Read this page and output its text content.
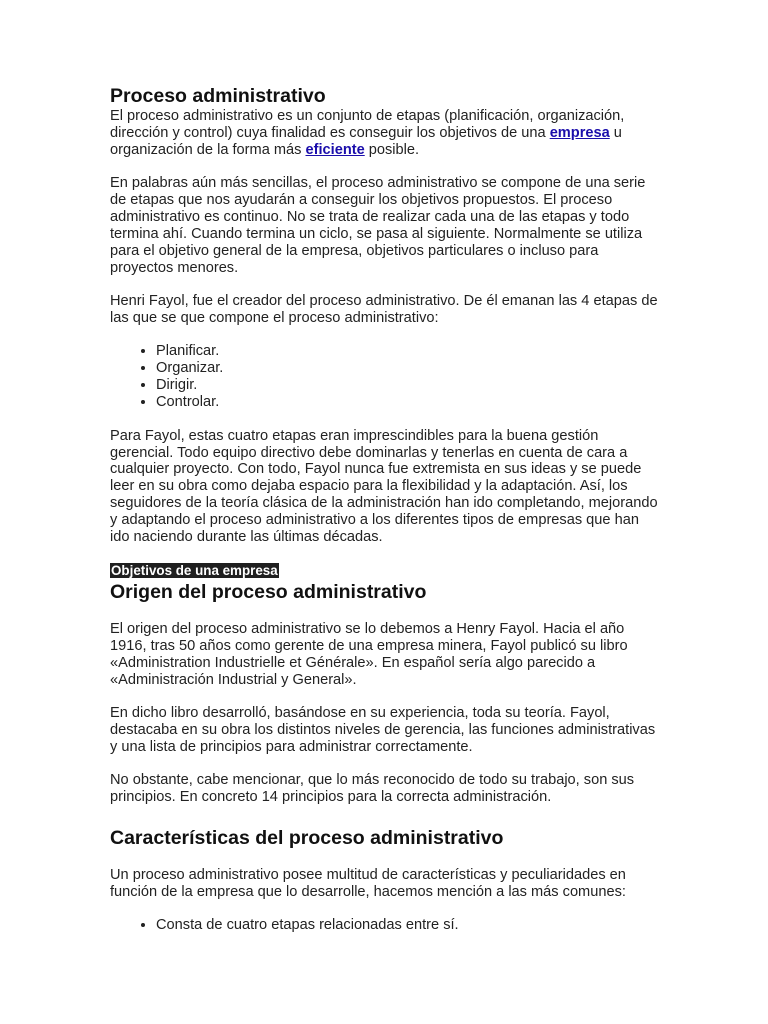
Proceso administrativo

El proceso administrativo es un conjunto de etapas (planificación, organización, dirección y control) cuya finalidad es conseguir los objetivos de una empresa u organización de la forma más eficiente posible.

En palabras aún más sencillas, el proceso administrativo se compone de una serie de etapas que nos ayudarán a conseguir los objetivos propuestos. El proceso administrativo es continuo. No se trata de realizar cada una de las etapas y todo termina ahí. Cuando termina un ciclo, se pasa al siguiente. Normalmente se utiliza para el objetivo general de la empresa, objetivos particulares o incluso para proyectos menores.

Henri Fayol, fue el creador del proceso administrativo. De él emanan las 4 etapas de las que se que compone el proceso administrativo:

• Planificar.
• Organizar.
• Dirigir.
• Controlar.

Para Fayol, estas cuatro etapas eran imprescindibles para la buena gestión gerencial. Todo equipo directivo debe dominarlas y tenerlas en cuenta de cara a cualquier proyecto. Con todo, Fayol nunca fue extremista en sus ideas y se puede leer en su obra como dejaba espacio para la flexibilidad y la adaptación. Así, los seguidores de la teoría clásica de la administración han ido completando, mejorando y adaptando el proceso administrativo a los diferentes tipos de empresas que han ido naciendo durante las últimas décadas.

Objetivos de una empresa
Origen del proceso administrativo

El origen del proceso administrativo se lo debemos a Henry Fayol. Hacia el año 1916, tras 50 años como gerente de una empresa minera, Fayol publicó su libro «Administration Industrielle et Générale». En español sería algo parecido a «Administración Industrial y General».

En dicho libro desarrolló, basándose en su experiencia, toda su teoría. Fayol, destacaba en su obra los distintos niveles de gerencia, las funciones administrativas y una lista de principios para administrar correctamente.

No obstante, cabe mencionar, que lo más reconocido de todo su trabajo, son sus principios. En concreto 14 principios para la correcta administración.

Características del proceso administrativo

Un proceso administrativo posee multitud de características y peculiaridades en función de la empresa que lo desarrolle, hacemos mención a las más comunes:

• Consta de cuatro etapas relacionadas entre sí.
